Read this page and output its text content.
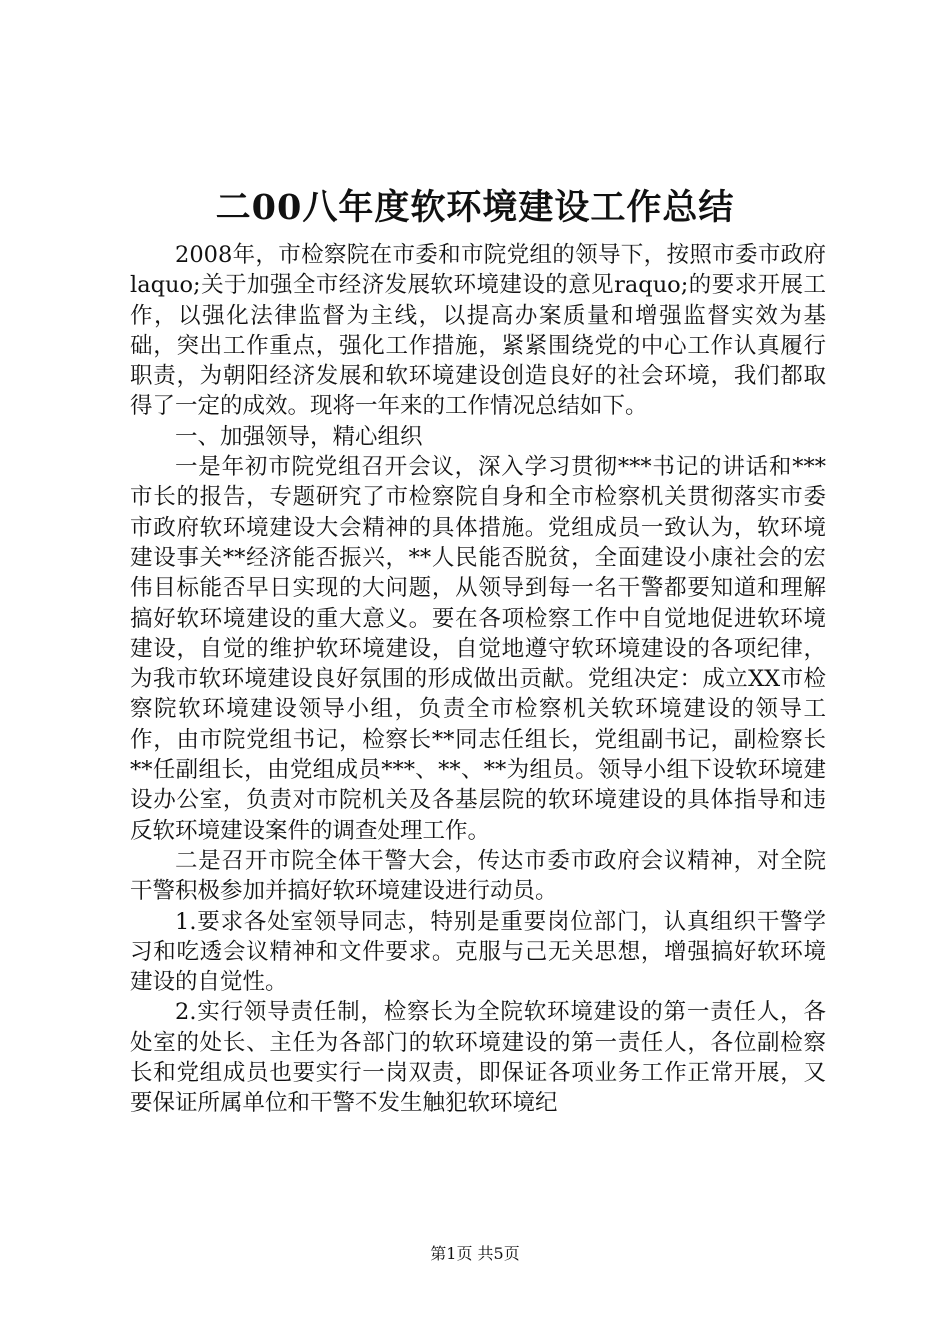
二00八年度软环境建设工作总结

2008年，市检察院在市委和市院党组的领导下，按照市委市政府laquo;关于加强全市经济发展软环境建设的意见raquo;的要求开展工作，以强化法律监督为主线，以提高办案质量和增强监督实效为基础，突出工作重点，强化工作措施，紧紧围绕党的中心工作认真履行职责，为朝阳经济发展和软环境建设创造良好的社会环境，我们都取得了一定的成效。现将一年来的工作情况总结如下。

一、加强领导，精心组织

一是年初市院党组召开会议，深入学习贯彻***书记的讲话和***市长的报告，专题研究了市检察院自身和全市检察机关贯彻落实市委市政府软环境建设大会精神的具体措施。党组成员一致认为，软环境建设事关**经济能否振兴，**人民能否脱贫，全面建设小康社会的宏伟目标能否早日实现的大问题，从领导到每一名干警都要知道和理解搞好软环境建设的重大意义。要在各项检察工作中自觉地促进软环境建设，自觉的维护软环境建设，自觉地遵守软环境建设的各项纪律，为我市软环境建设良好氛围的形成做出贡献。党组决定：成立XX市检察院软环境建设领导小组，负责全市检察机关软环境建设的领导工作，由市院党组书记，检察长**同志任组长，党组副书记，副检察长**任副组长，由党组成员***、**、**为组员。领导小组下设软环境建设办公室，负责对市院机关及各基层院的软环境建设的具体指导和违反软环境建设案件的调查处理工作。

二是召开市院全体干警大会，传达市委市政府会议精神，对全院干警积极参加并搞好软环境建设进行动员。

1.要求各处室领导同志，特别是重要岗位部门，认真组织干警学习和吃透会议精神和文件要求。克服与己无关思想，增强搞好软环境建设的自觉性。

2.实行领导责任制，检察长为全院软环境建设的第一责任人，各处室的处长、主任为各部门的软环境建设的第一责任人，各位副检察长和党组成员也要实行一岗双责，即保证各项业务工作正常开展，又要保证所属单位和干警不发生触犯软环境纪

第1页 共5页
